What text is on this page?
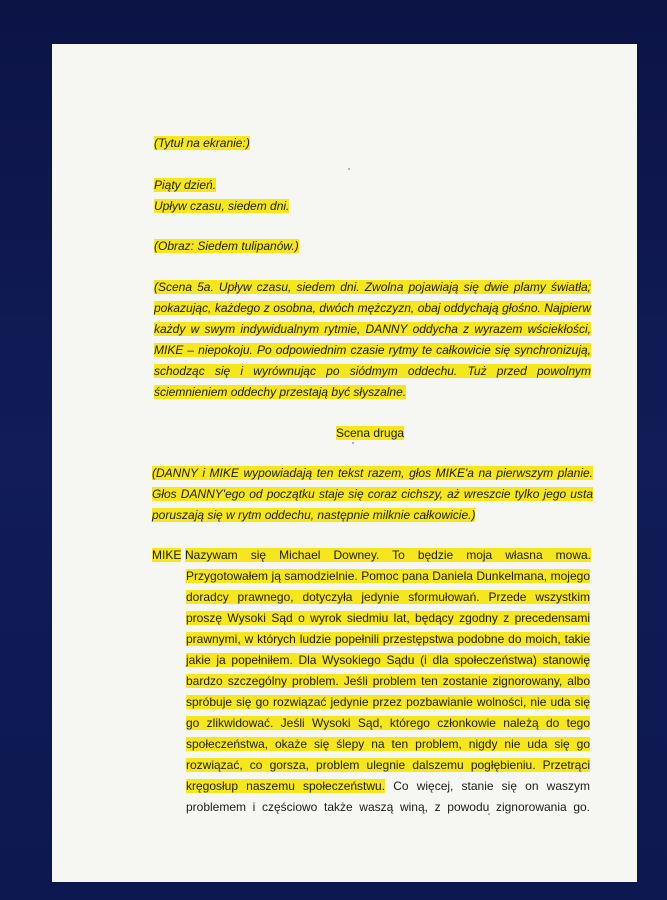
(Tytuł na ekranie:)
Piąty dzień.
Upływ czasu, siedem dni.
(Obraz: Siedem tulipanów.)
(Scena 5a. Upływ czasu, siedem dni. Zwolna pojawiają się dwie plamy światła;
pokazując, każdego z osobna, dwóch mężczyzn, obaj oddychają głośno. Najpierw
każdy w swym indywidualnym rytmie, DANNY oddycha z wyrazem wściekłości,
MIKE – niepokoju. Po odpowiednim czasie rytmy te całkowicie się synchronizują,
schodząc się i wyrównując po siódmym oddechu. Tuż przed powolnym
ściemnieniem oddechy przestają być słyszalne.
Scena druga
(DANNY i MIKE wypowiadają ten tekst razem, głos MIKE'a na pierwszym planie.
Głos DANNY'ego od początku staje się coraz cichszy, aż wreszcie tylko jego usta
poruszają się w rytm oddechu, następnie milknie całkowicie.)
MIKE Nazywam się Michael Downey. To będzie moja własna mowa.
Przygotowałem ją samodzielnie. Pomoc pana Daniela Dunkelmana, mojego
doradcy prawnego, dotyczyła jedynie sformułowań. Przede wszystkim
proszę Wysoki Sąd o wyrok siedmiu lat, będący zgodny z precedensami
prawnymi, w których ludzie popełnili przestępstwa podobne do moich, takie
jakie ja popełniłem. Dla Wysokiego Sądu (i dla społeczeństwa) stanowię
bardzo szczególny problem. Jeśli problem ten zostanie zignorowany, albo
spróbuje się go rozwiązać jedynie przez pozbawianie wolności, nie uda się
go zlikwidować. Jeśli Wysoki Sąd, którego członkowie należą do tego
społeczeństwa, okaże się ślepy na ten problem, nigdy nie uda się go
rozwiązać, co gorsza, problem ulegnie dalszemu pogłębieniu. Przetrąci
kręgosłup naszemu społeczeństwu. Co więcej, stanie się on waszym
problemem i częściowo także waszą winą, z powodu zignorowania go.
